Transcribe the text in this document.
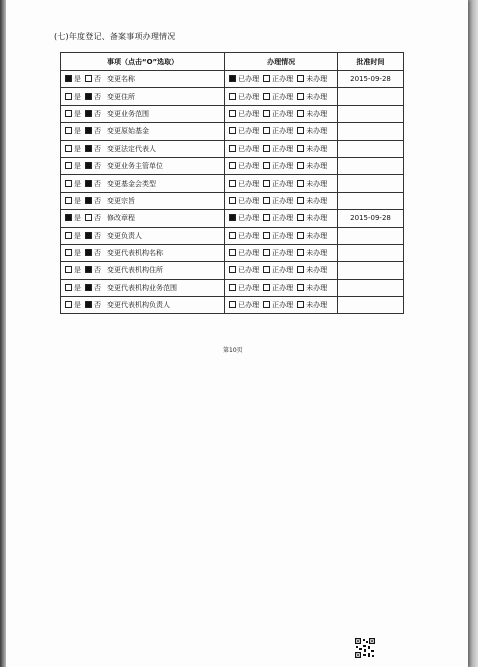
(七)年度登记、备案事项办理情况
事项（点击“O”选取）	办理情况	批准时间
是 否 变更名称	已办理 正办理 未办理	2015-09-28
是 否 变更住所	已办理 正办理 未办理	
是 否 变更业务范围	已办理 正办理 未办理	
是 否 变更原始基金	已办理 正办理 未办理	
是 否 变更法定代表人	已办理 正办理 未办理	
是 否 变更业务主管单位	已办理 正办理 未办理	
是 否 变更基金会类型	已办理 正办理 未办理	
是 否 变更宗旨	已办理 正办理 未办理	
是 否 修改章程	已办理 正办理 未办理	2015-09-28
是 否 变更负责人	已办理 正办理 未办理	
是 否 变更代表机构名称	已办理 正办理 未办理	
是 否 变更代表机构住所	已办理 正办理 未办理	
是 否 变更代表机构业务范围	已办理 正办理 未办理	
是 否 变更代表机构负责人	已办理 正办理 未办理	
第10页
